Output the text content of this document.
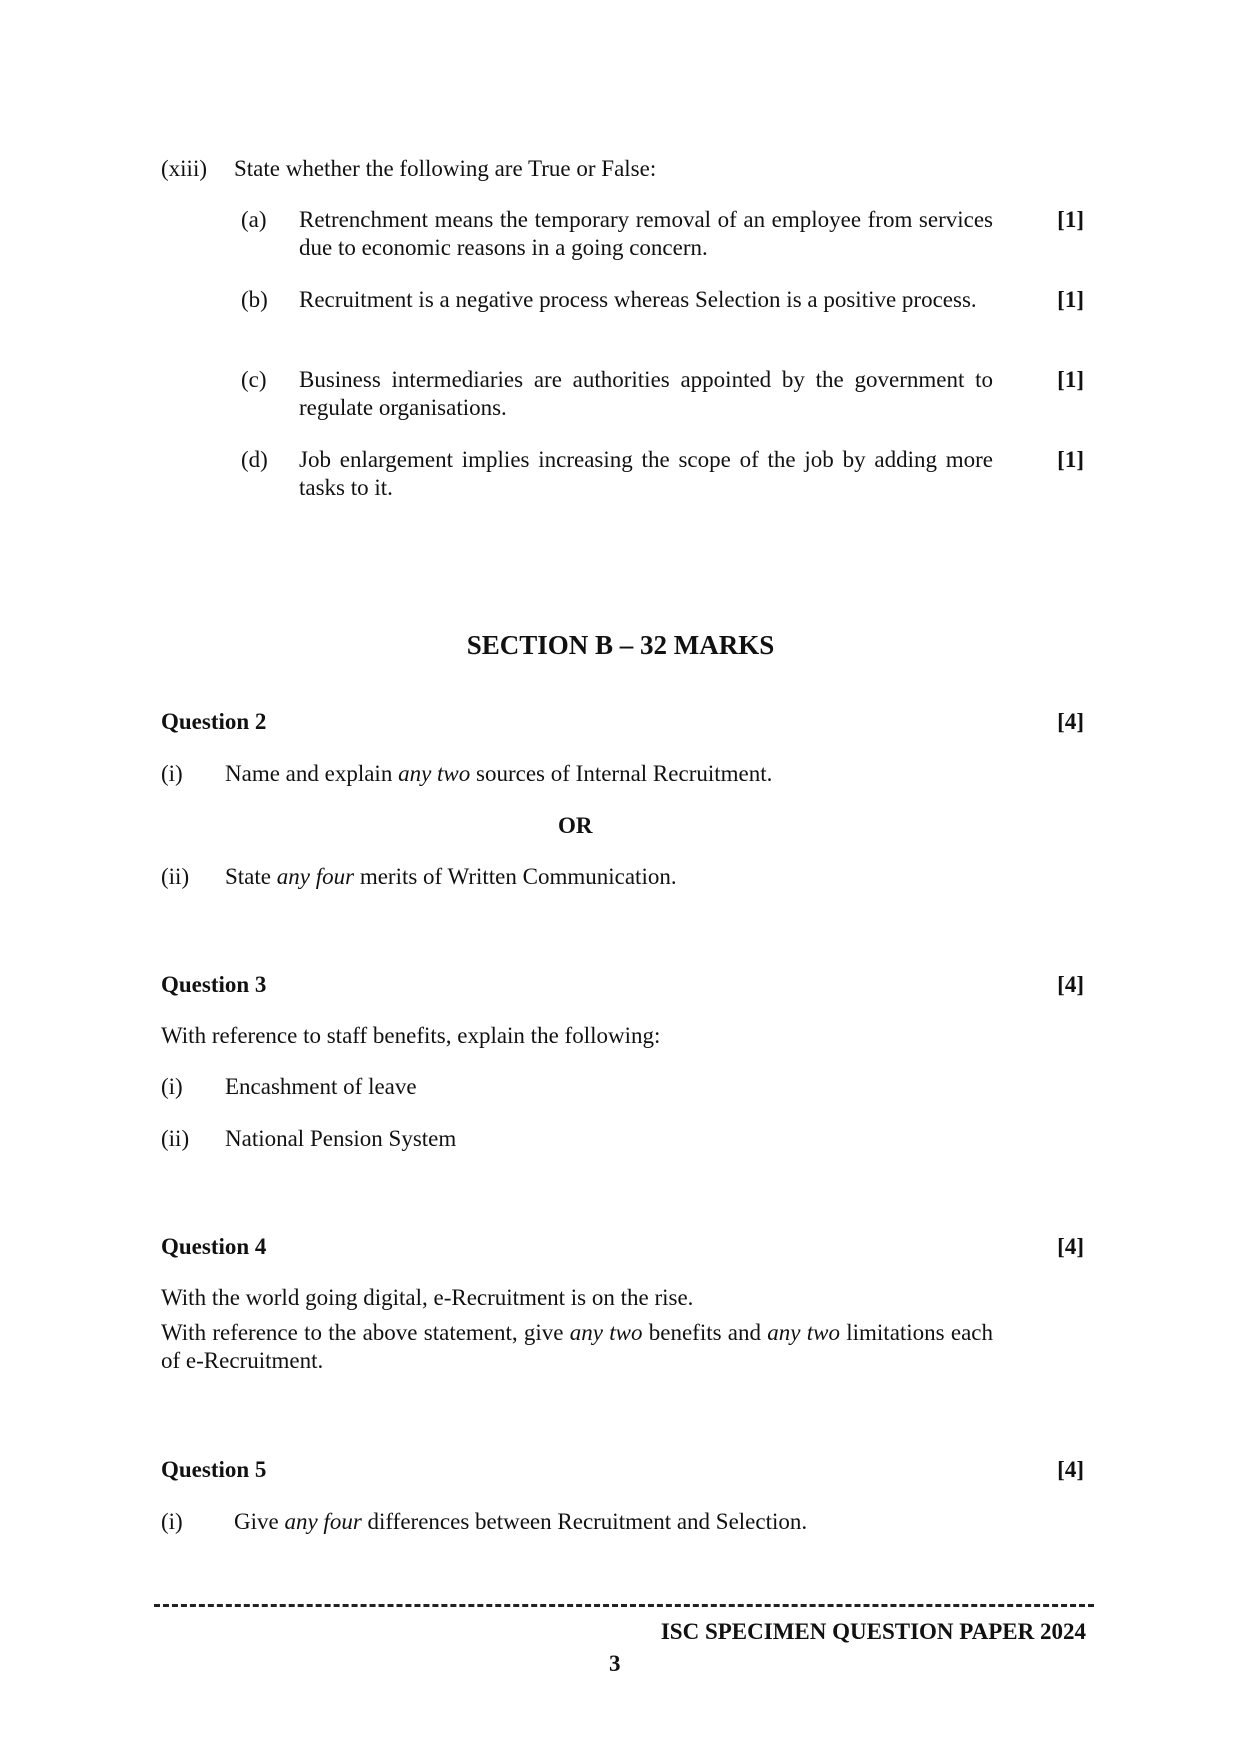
(xiii) State whether the following are True or False:
(a) Retrenchment means the temporary removal of an employee from services due to economic reasons in a going concern.
[1]
(b) Recruitment is a negative process whereas Selection is a positive process.	[1]
(c) Business intermediaries are authorities appointed by the government to regulate organisations.
[1]
(d) Job enlargement implies increasing the scope of the job by adding more tasks to it.
[1]
SECTION B – 32 MARKS
Question 2	[4]
(i) Name and explain any two sources of Internal Recruitment.
OR
(ii) State any four merits of Written Communication.
Question 3	[4]
With reference to staff benefits, explain the following:
(i) Encashment of leave
(ii) National Pension System
Question 4	[4]
With the world going digital, e-Recruitment is on the rise.
With reference to the above statement, give any two benefits and any two limitations each of e-Recruitment.
Question 5	[4]
(i) Give any four differences between Recruitment and Selection.
ISC SPECIMEN QUESTION PAPER 2024
3
